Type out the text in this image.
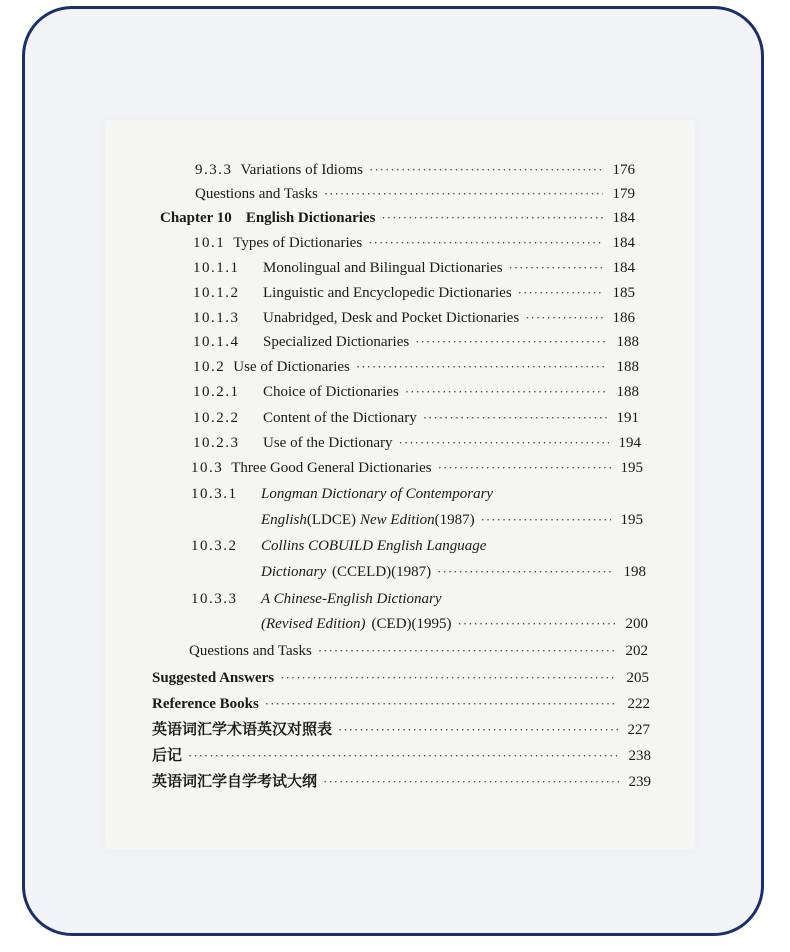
9.3.3 Variations of Idioms ·····	176
Questions and Tasks ·····	179
Chapter 10 English Dictionaries ·····	184
10.1 Types of Dictionaries ·····	184
10.1.1	Monolingual and Bilingual Dictionaries ·····	184
10.1.2	Linguistic and Encyclopedic Dictionaries ·····	185
10.1.3	Unabridged, Desk and Pocket Dictionaries ·····	186
10.1.4	Specialized Dictionaries ·····	188
10.2 Use of Dictionaries ·····	188
10.2.1	Choice of Dictionaries ·····	188
10.2.2	Content of the Dictionary ·····	191
10.2.3	Use of the Dictionary ·····	194
10.3 Three Good General Dictionaries ·····	195
10.3.1	Longman Dictionary of Contemporary
English (LDCE) New Edition (1987) ·····	195
10.3.2	Collins COBUILD English Language
Dictionary (CCELD)(1987) ·····	198
10.3.3	A Chinese-English Dictionary
(Revised Edition) (CED)(1995) ·····	200
Questions and Tasks ·····	202
Suggested Answers ·····	205
Reference Books ·····	222
英语词汇学术语英汉对照表 ·····	227
后记 ·····	238
英语词汇学自学考试大纲 ·····	239
